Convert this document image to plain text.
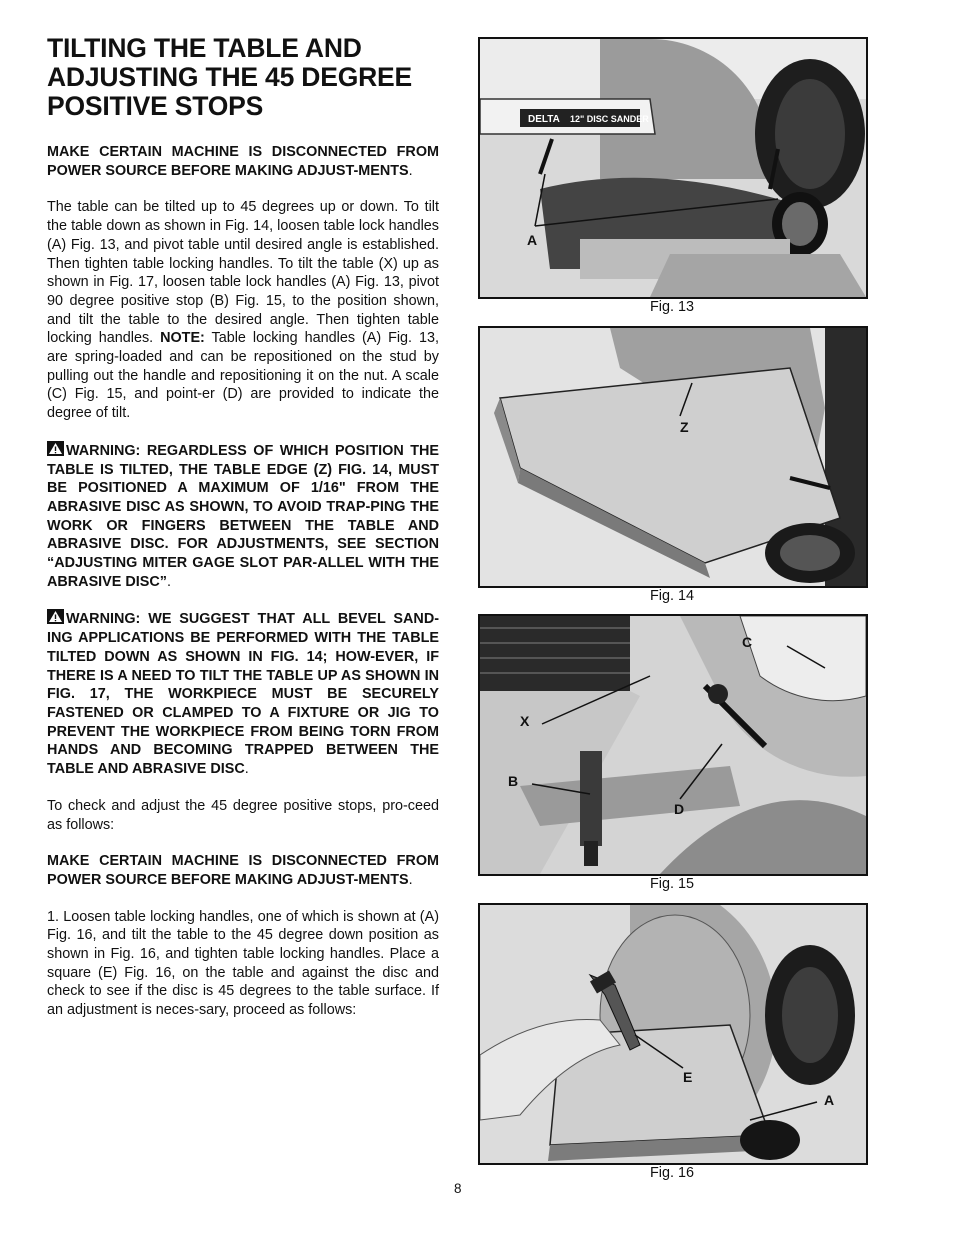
TILTING THE TABLE AND ADJUSTING THE 45 DEGREE POSITIVE STOPS

MAKE CERTAIN MACHINE IS DISCONNECTED FROM POWER SOURCE BEFORE MAKING ADJUST-MENTS.

The table can be tilted up to 45 degrees up or down. To tilt the table down as shown in Fig. 14, loosen table lock handles (A) Fig. 13, and pivot table until desired angle is established. Then tighten table locking handles. To tilt the table (X) up as shown in Fig. 17, loosen table lock handles (A) Fig. 13, pivot 90 degree positive stop (B) Fig. 15, to the position shown, and tilt the table to the desired angle. Then tighten table locking handles. NOTE: Table locking handles (A) Fig. 13, are spring-loaded and can be repositioned on the stud by pulling out the handle and repositioning it on the nut. A scale (C) Fig. 15, and point-er (D) are provided to indicate the degree of tilt.

WARNING: REGARDLESS OF WHICH POSITION THE TABLE IS TILTED, THE TABLE EDGE (Z) FIG. 14, MUST BE POSITIONED A MAXIMUM OF 1/16" FROM THE ABRASIVE DISC AS SHOWN, TO AVOID TRAP-PING THE WORK OR FINGERS BETWEEN THE TABLE AND ABRASIVE DISC. FOR ADJUSTMENTS, SEE SECTION “ADJUSTING MITER GAGE SLOT PAR-ALLEL WITH THE ABRASIVE DISC”.

WARNING: WE SUGGEST THAT ALL BEVEL SAND-ING APPLICATIONS BE PERFORMED WITH THE TABLE TILTED DOWN AS SHOWN IN FIG. 14; HOW-EVER, IF THERE IS A NEED TO TILT THE TABLE UP AS SHOWN IN FIG. 17, THE WORKPIECE MUST BE SECURELY FASTENED OR CLAMPED TO A FIXTURE OR JIG TO PREVENT THE WORKPIECE FROM BEING TORN FROM HANDS AND BECOMING TRAPPED BETWEEN THE TABLE AND ABRASIVE DISC.

To check and adjust the 45 degree positive stops, pro-ceed as follows:

MAKE CERTAIN MACHINE IS DISCONNECTED FROM POWER SOURCE BEFORE MAKING ADJUST-MENTS.

1. Loosen table locking handles, one of which is shown at (A) Fig. 16, and tilt the table to the 45 degree down position as shown in Fig. 16, and tighten table locking handles. Place a square (E) Fig. 16, on the table and against the disc and check to see if the disc is 45 degrees to the table surface. If an adjustment is neces-sary, proceed as follows:

DELTA 12" DISC SANDER
A
Fig. 13
Z
Fig. 14
C
X
B
D
Fig. 15
E
A
Fig. 16
8
